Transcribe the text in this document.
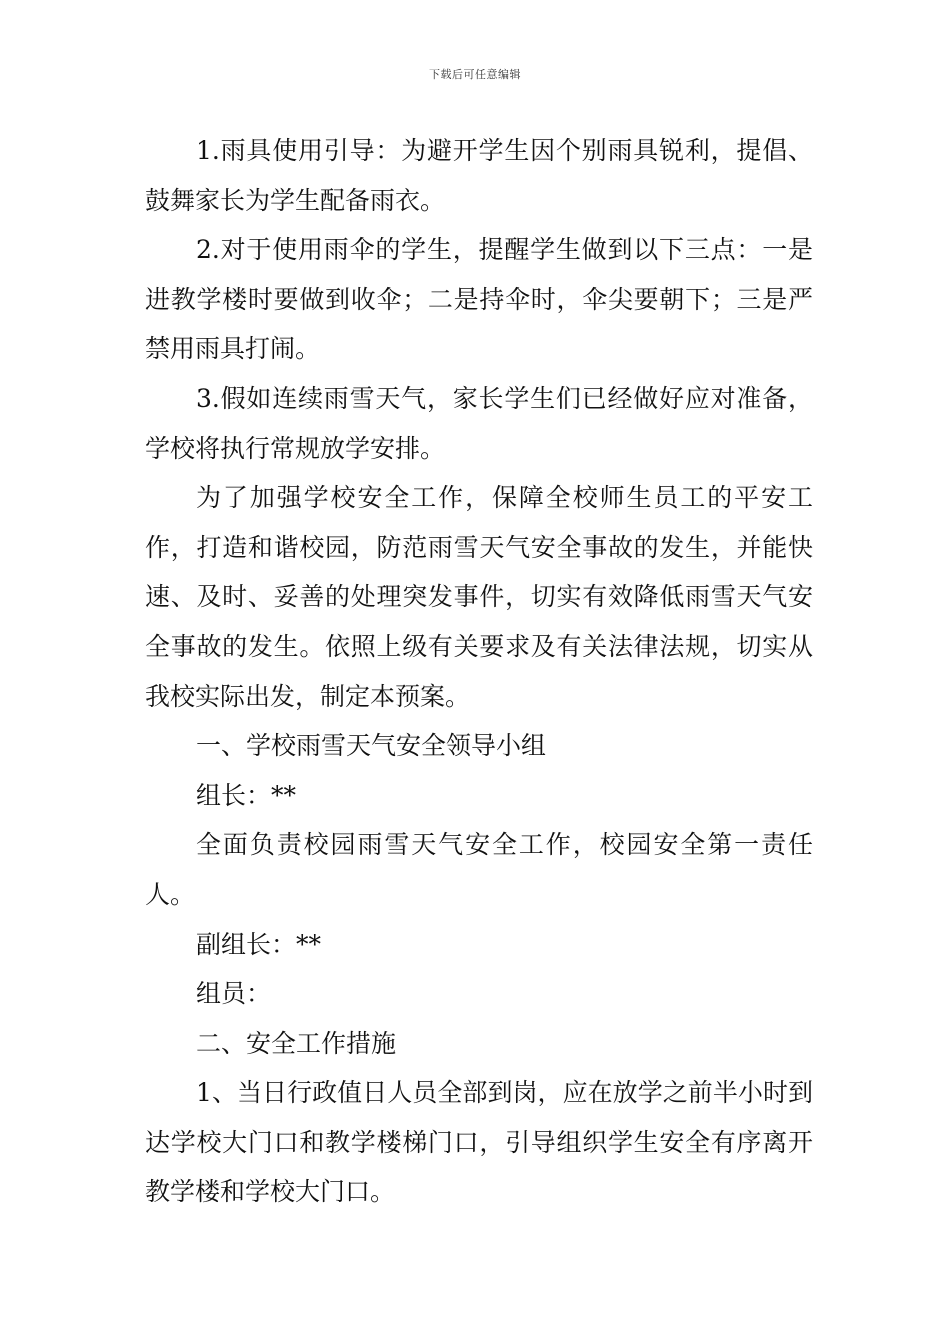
下载后可任意编辑

1.雨具使用引导：为避开学生因个别雨具锐利，提倡、鼓舞家长为学生配备雨衣。

2.对于使用雨伞的学生，提醒学生做到以下三点：一是进教学楼时要做到收伞；二是持伞时，伞尖要朝下；三是严禁用雨具打闹。

3.假如连续雨雪天气，家长学生们已经做好应对准备，学校将执行常规放学安排。

为了加强学校安全工作，保障全校师生员工的平安工作，打造和谐校园，防范雨雪天气安全事故的发生，并能快速、及时、妥善的处理突发事件，切实有效降低雨雪天气安全事故的发生。依照上级有关要求及有关法律法规，切实从我校实际出发，制定本预案。

一、学校雨雪天气安全领导小组

组长：**

全面负责校园雨雪天气安全工作，校园安全第一责任人。

副组长：**

组员：

二、安全工作措施

1、当日行政值日人员全部到岗，应在放学之前半小时到达学校大门口和教学楼梯门口，引导组织学生安全有序离开教学楼和学校大门口。
